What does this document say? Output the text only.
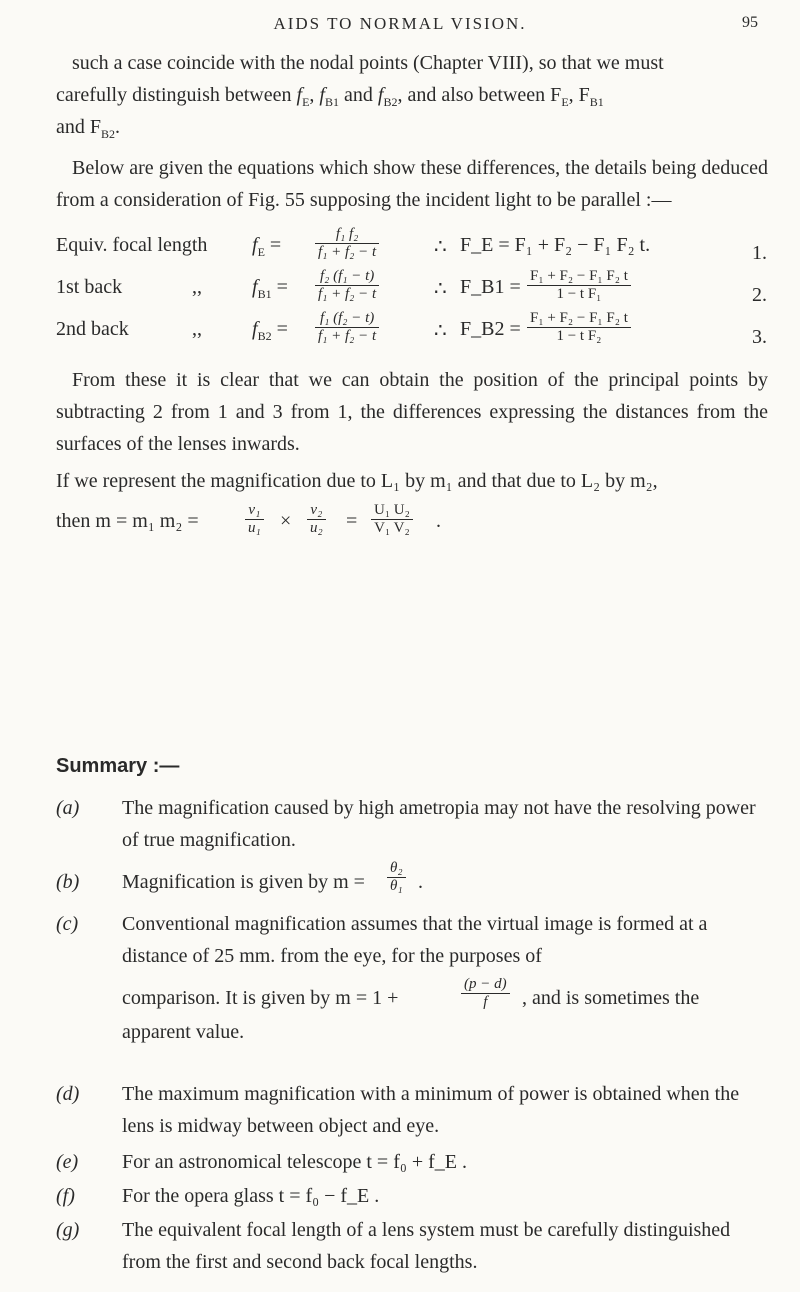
AIDS TO NORMAL VISION.	95
such a case coincide with the nodal points (Chapter VIII), so that we must
carefully distinguish between $f_E$, $f_{B1}$ and $f_{B2}$, and also between $F_E$, $F_{B1}$
and $F_{B2}$.
Below are given the equations which show these differences, the details being deduced from a consideration of Fig. 55 supposing the incident light to be parallel :—
Equiv. focal length $f_E = \frac{\text{f₁ f₂}}{\text{f₁ + f₂ − t}}$	∴ F_E = F₁ + F₂ − F₁ F₂ t.	1.
1st back	,,	$f_{B1} = \frac{\text{f₂ (f₁ − t)}}{\text{f₁ + f₂ − t}}$	∴ F_B1 = $\frac{\text{F₁ + F₂ − F₁ F₂ t}}{\text{1 − t F₁}}$	2.
2nd back	,,	$f_{B2} = \frac{\text{f₁ (f₂ − t)}}{\text{f₁ + f₂ − t}}$	∴ F_B2 = $\frac{\text{F₁ + F₂ − F₁ F₂ t}}{\text{1 − t F₂}}$	3.
From these it is clear that we can obtain the position of the principal points by subtracting 2 from 1 and 3 from 1, the differences expressing the distances from the surfaces of the lenses inwards.
If we represent the magnification due to L₁ by m₁ and that due to L₂ by m₂,
then m = m₁ m₂ =	$\frac{\text{v₁}}{\text{u₁}} \times \frac{\text{v₂}}{\text{u₂}} = \frac{\text{U₁ U₂}}{\text{V₁ V₂}}$ .
Summary :—
(a) The magnification caused by high ametropia may not have the resolving power of true magnification.
(b) Magnification is given by $m = \frac{\text{θ₂}}{\text{θ₁}}$ .
(c) Conventional magnification assumes that the virtual image is formed at a distance of 25 mm. from the eye, for the purposes of
comparison. It is given by m = 1 +	$\frac{(p - d)}{f}$ , and is sometimes the
apparent value.
(d) The maximum magnification with a minimum of power is obtained when the lens is midway between object and eye.
(e) For an astronomical telescope t = f₀ + f_E .
(f) For the opera glass t = f₀ − f_E .
(g) The equivalent focal length of a lens system must be carefully distinguished from the first and second back focal lengths.
